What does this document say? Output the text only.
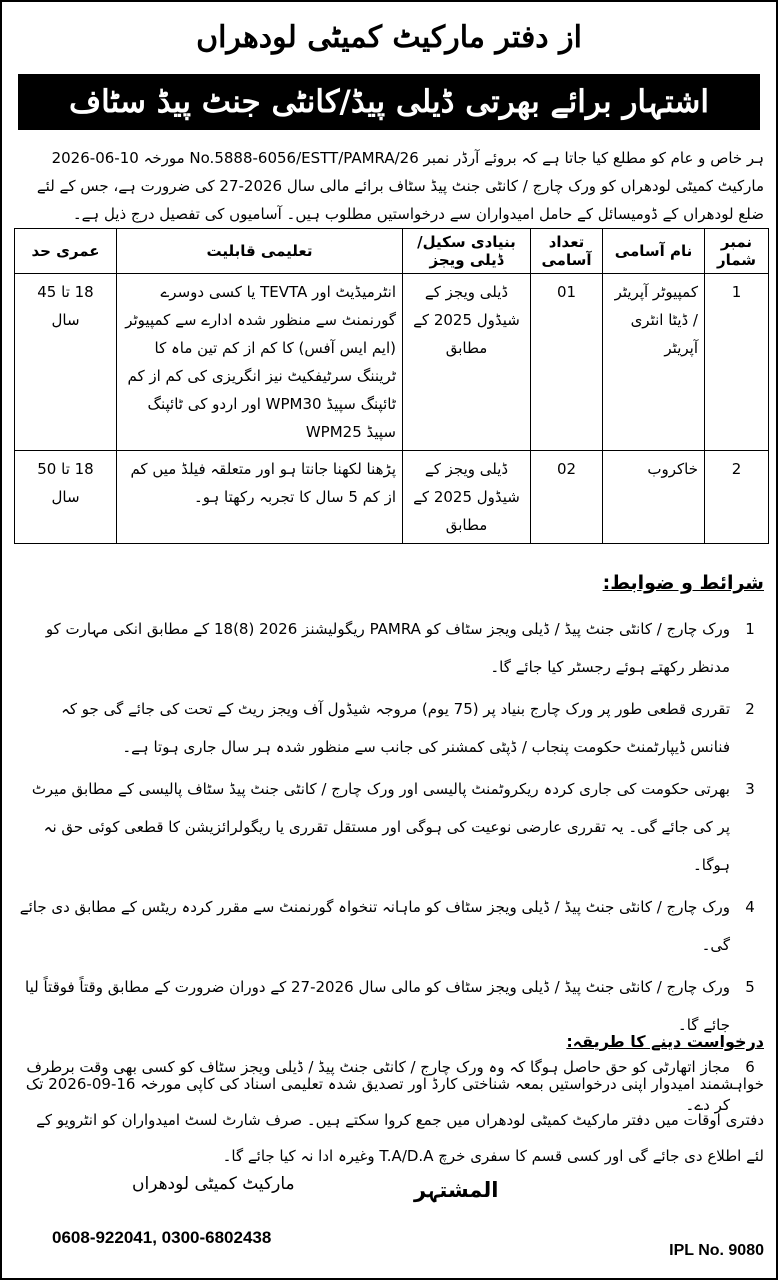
از دفتر مارکیٹ کمیٹی لودھراں
اشتہار برائے بھرتی ڈیلی پیڈ/کانٹی جنٹ پیڈ سٹاف
ہر خاص و عام کو مطلع کیا جاتا ہے کہ بروئے آرڈر نمبر No.5888-6056/ESTT/PAMRA/26 مورخہ 10-06-2026 مارکیٹ کمیٹی لودھراں کو ورک چارج / کانٹی جنٹ پیڈ سٹاف برائے مالی سال 2026-27 کی ضرورت ہے، جس کے لئے ضلع لودھراں کے ڈومیسائل کے حامل امیدواران سے درخواستیں مطلوب ہیں۔ آسامیوں کی تفصیل درج ذیل ہے۔
عمری حد	تعلیمی قابلیت	بنیادی سکیل/ڈیلی ویجز	تعداد آسامی	نام آسامی	نمبر شمار
18 تا 45 سال	انٹرمیڈیٹ اور TEVTA یا کسی دوسرے گورنمنٹ سے منظور شدہ ادارے سے کمپیوٹر (ایم ایس آفس) کا کم از کم تین ماہ کا ٹریننگ سرٹیفکیٹ نیز انگریزی کی کم از کم ٹائپنگ سپیڈ WPM30 اور اردو کی ٹائپنگ سپیڈ WPM25	ڈیلی ویجز کے شیڈول 2025 کے مطابق	01	کمپیوٹر آپریٹر / ڈیٹا انٹری آپریٹر	1
18 تا 50 سال	پڑھنا لکھنا جانتا ہو اور متعلقہ فیلڈ میں کم از کم 5 سال کا تجربہ رکھتا ہو۔	ڈیلی ویجز کے شیڈول 2025 کے مطابق	02	خاکروب	2
شرائط و ضوابط:
1
ورک چارج / کانٹی جنٹ پیڈ / ڈیلی ویجز سٹاف کو PAMRA ریگولیشنز 2026 (8)18 کے مطابق انکی مہارت کو مدنظر رکھتے ہوئے رجسٹر کیا جائے گا۔
2
تقرری قطعی طور پر ورک چارج بنیاد پر (75 یوم) مروجہ شیڈول آف ویجز ریٹ کے تحت کی جائے گی جو کہ فنانس ڈیپارٹمنٹ حکومت پنجاب / ڈپٹی کمشنر کی جانب سے منظور شدہ ہر سال جاری ہوتا ہے۔
3
بھرتی حکومت کی جاری کردہ ریکروٹمنٹ پالیسی اور ورک چارج / کانٹی جنٹ پیڈ سٹاف پالیسی کے مطابق میرٹ پر کی جائے گی۔ یہ تقرری عارضی نوعیت کی ہوگی اور مستقل تقرری یا ریگولرائزیشن کا قطعی کوئی حق نہ ہوگا۔
4
ورک چارج / کانٹی جنٹ پیڈ / ڈیلی ویجز سٹاف کو ماہانہ تنخواہ گورنمنٹ سے مقرر کردہ ریٹس کے مطابق دی جائے گی۔
5
ورک چارج / کانٹی جنٹ پیڈ / ڈیلی ویجز سٹاف کو مالی سال 2026-27 کے دوران ضرورت کے مطابق وقتاً فوقتاً لیا جائے گا۔
6
مجاز اتھارٹی کو حق حاصل ہوگا کہ وہ ورک چارج / کانٹی جنٹ پیڈ / ڈیلی ویجز سٹاف کو کسی بھی وقت برطرف کر دے۔
درخواست دینے کا طریقہ:
خواہشمند امیدوار اپنی درخواستیں بمعہ شناختی کارڈ اور تصدیق شدہ تعلیمی اسناد کی کاپی مورخہ 16-09-2026 تک دفتری اوقات میں دفتر مارکیٹ کمیٹی لودھراں میں جمع کروا سکتے ہیں۔ صرف شارٹ لسٹ امیدواران کو انٹرویو کے لئے اطلاع دی جائے گی اور کسی قسم کا سفری خرچ T.A/D.A وغیرہ ادا نہ کیا جائے گا۔
المشتہر
مارکیٹ کمیٹی لودھراں
0608-922041, 0300-6802438
IPL No. 9080
